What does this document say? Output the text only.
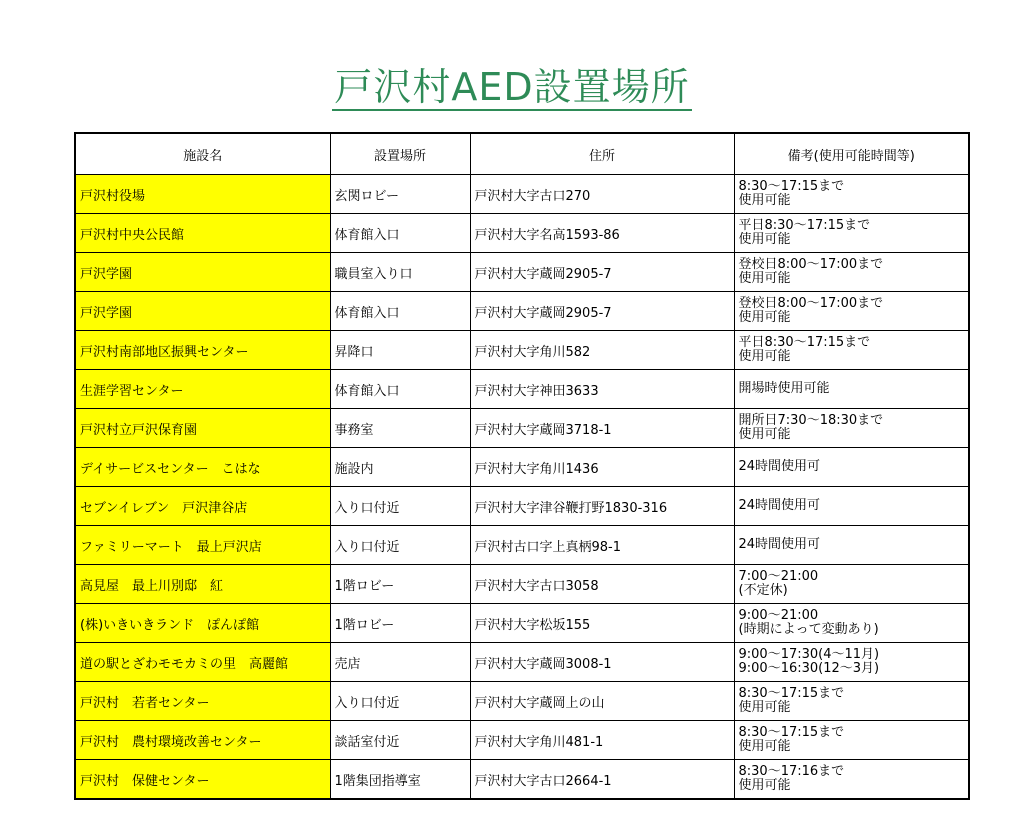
戸沢村AED設置場所
施設名	設置場所	住所	備考(使用可能時間等)
戸沢村役場	玄関ロビー	戸沢村大字古口270	8:30～17:15まで
使用可能

戸沢村中央公民館	体育館入口	戸沢村大字名高1593-86	平日8:30～17:15まで
使用可能

戸沢学園	職員室入り口	戸沢村大字蔵岡2905-7	登校日8:00～17:00まで
使用可能

戸沢学園	体育館入口	戸沢村大字蔵岡2905-7	登校日8:00～17:00まで
使用可能

戸沢村南部地区振興センター	昇降口	戸沢村大字角川582	平日8:30～17:15まで
使用可能

生涯学習センター	体育館入口	戸沢村大字神田3633	開場時使用可能

戸沢村立戸沢保育園	事務室	戸沢村大字蔵岡3718-1	開所日7:30～18:30まで
使用可能

デイサービスセンター　こはな	施設内	戸沢村大字角川1436	24時間使用可

セブンイレブン　戸沢津谷店	入り口付近	戸沢村大字津谷鞭打野1830-316	24時間使用可

ファミリーマート　最上戸沢店	入り口付近	戸沢村古口字上真柄98-1	24時間使用可

高見屋　最上川別邸　紅	1階ロビー	戸沢村大字古口3058	7:00～21:00
(不定休)

(株)いきいきランド　ぽんぽ館	1階ロビー	戸沢村大字松坂155	9:00～21:00
(時期によって変動あり)

道の駅とざわモモカミの里　高麗館	売店	戸沢村大字蔵岡3008-1	9:00～17:30(4～11月)
9:00～16:30(12～3月)

戸沢村　若者センター	入り口付近	戸沢村大字蔵岡上の山	8:30～17:15まで
使用可能

戸沢村　農村環境改善センター	談話室付近	戸沢村大字角川481-1	8:30～17:15まで
使用可能

戸沢村　保健センター	1階集団指導室	戸沢村大字古口2664-1	8:30～17:16まで
使用可能
